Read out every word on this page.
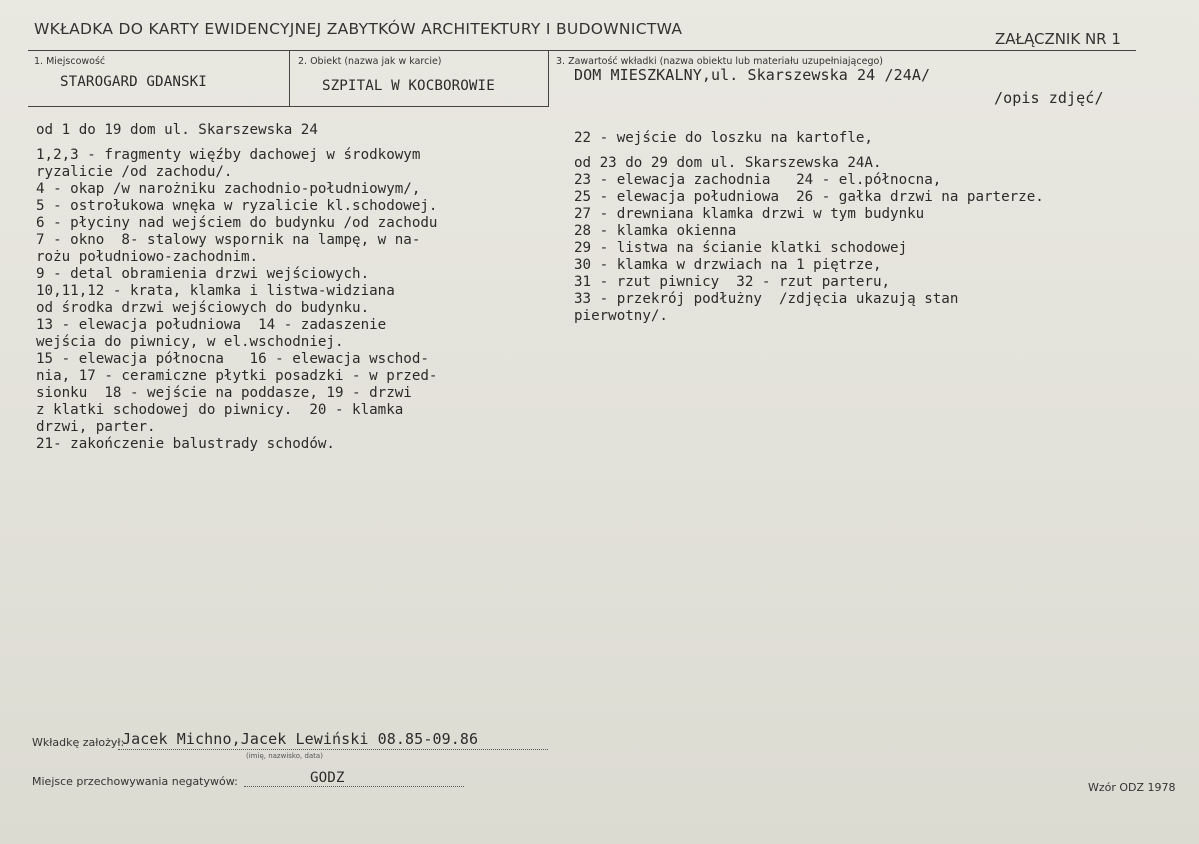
WKŁADKA DO KARTY EWIDENCYJNEJ ZABYTKÓW ARCHITEKTURY I BUDOWNICTWA
ZAŁĄCZNIK NR 1
1. Miejscowość
STAROGARD GDANSKI
2. Obiekt (nazwa jak w karcie)
SZPITAL W KOCBOROWIE
3. Zawartość wkładki (nazwa obiektu lub materiału uzupełniającego)
DOM MIESZKALNY,ul. Skarszewska 24 /24A/
/opis zdjęć/
od 1 do 19 dom ul. Skarszewska 24
1,2,3 - fragmenty więźby dachowej w środkowym
ryzalicie /od zachodu/.
4 - okap /w narożniku zachodnio-południowym/,
5 - ostrołukowa wnęka w ryzalicie kl.schodowej.
6 - płyciny nad wejściem do budynku /od zachodu
7 - okno  8- stalowy wspornik na lampę, w na-
rożu południowo-zachodnim.
9 - detal obramienia drzwi wejściowych.
10,11,12 - krata, klamka i listwa-widziana
od środka drzwi wejściowych do budynku.
13 - elewacja południowa  14 - zadaszenie
wejścia do piwnicy, w el.wschodniej.
15 - elewacja północna   16 - elewacja wschod-
nia, 17 - ceramiczne płytki posadzki - w przed-
sionku  18 - wejście na poddasze, 19 - drzwi
z klatki schodowej do piwnicy.  20 - klamka
drzwi, parter.
21- zakończenie balustrady schodów.
22 - wejście do loszku na kartofle,
od 23 do 29 dom ul. Skarszewska 24A.
23 - elewacja zachodnia   24 - el.północna,
25 - elewacja południowa  26 - gałka drzwi na parterze.
27 - drewniana klamka drzwi w tym budynku
28 - klamka okienna
29 - listwa na ścianie klatki schodowej
30 - klamka w drzwiach na 1 piętrze,
31 - rzut piwnicy  32 - rzut parteru,
33 - przekrój podłużny  /zdjęcia ukazują stan
pierwotny/.
Wkładkę założył:
Jacek Michno,Jacek Lewiński 08.85-09.86
(imię, nazwisko, data)
Miejsce przechowywania negatywów:	GODZ
Wzór ODZ 1978
